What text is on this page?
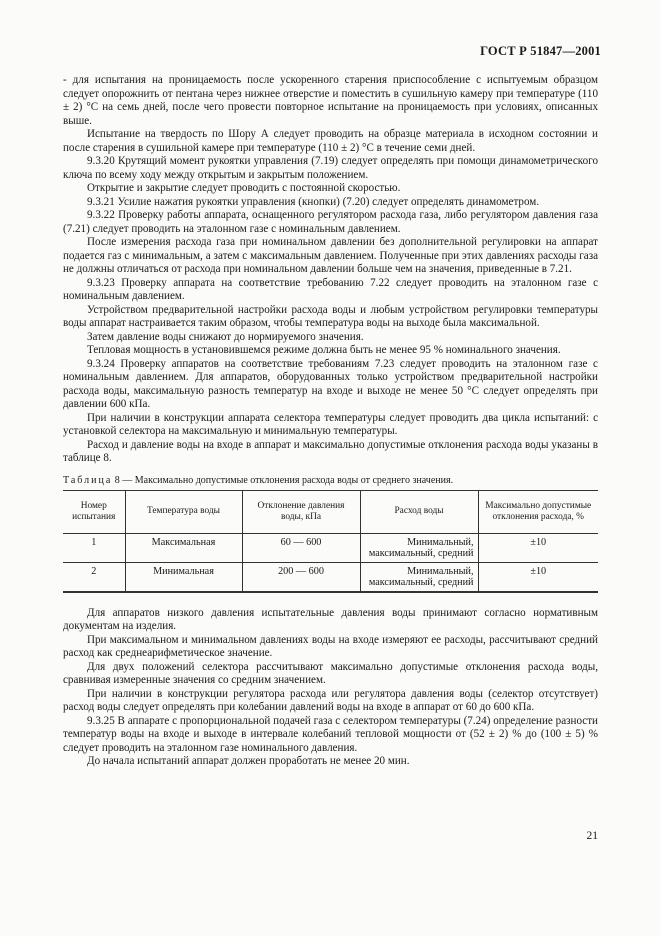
ГОСТ Р 51847—2001

- для испытания на проницаемость после ускоренного старения приспособление с испытуемым образцом следует опорожнить от пентана через нижнее отверстие и поместить в сушильную камеру при температуре (110 ± 2) °С на семь дней, после чего провести повторное испытание на проницаемость при условиях, описанных выше.

Испытание на твердость по Шору А следует проводить на образце материала в исходном состоянии и после старения в сушильной камере при температуре (110 ± 2) °С в течение семи дней.

9.3.20 Крутящий момент рукоятки управления (7.19) следует определять при помощи динамометрического ключа по всему ходу между открытым и закрытым положением.

Открытие и закрытие следует проводить с постоянной скоростью.

9.3.21 Усилие нажатия рукоятки управления (кнопки) (7.20) следует определять динамометром.

9.3.22 Проверку работы аппарата, оснащенного регулятором расхода газа, либо регулятором давления газа (7.21) следует проводить на эталонном газе с номинальным давлением.

После измерения расхода газа при номинальном давлении без дополнительной регулировки на аппарат подается газ с минимальным, а затем с максимальным давлением. Полученные при этих давлениях расходы газа не должны отличаться от расхода при номинальном давлении больше чем на значения, приведенные в 7.21.

9.3.23 Проверку аппарата на соответствие требованию 7.22 следует проводить на эталонном газе с номинальным давлением.

Устройством предварительной настройки расхода воды и любым устройством регулировки температуры воды аппарат настраивается таким образом, чтобы температура воды на выходе была максимальной.

Затем давление воды снижают до нормируемого значения.

Тепловая мощность в установившемся режиме должна быть не менее 95 % номинального значения.

9.3.24 Проверку аппаратов на соответствие требованиям 7.23 следует проводить на эталонном газе с номинальным давлением. Для аппаратов, оборудованных только устройством предварительной настройки расхода воды, максимальную разность температур на входе и выходе не менее 50 °С следует определять при давлении 600 кПа.

При наличии в конструкции аппарата селектора температуры следует проводить два цикла испытаний: с установкой селектора на максимальную и минимальную температуры.

Расход и давление воды на входе в аппарат и максимально допустимые отклонения расхода воды указаны в таблице 8.

Таблица 8 — Максимально допустимые отклонения расхода воды от среднего значения.
Номер испытания	Температура воды	Отклонение давления воды, кПа	Расход воды	Максимально допустимые отклонения расхода, %
1	Максимальная	60 — 600	Минимальный, максимальный, средний	±10
2	Минимальная	200 — 600	Минимальный, максимальный, средний	±10

Для аппаратов низкого давления испытательные давления воды принимают согласно нормативным документам на изделия.

При максимальном и минимальном давлениях воды на входе измеряют ее расходы, рассчитывают средний расход как среднеарифметическое значение.

Для двух положений селектора рассчитывают максимально допустимые отклонения расхода воды, сравнивая измеренные значения со средним значением.

При наличии в конструкции регулятора расхода или регулятора давления воды (селектор отсутствует) расход воды следует определять при колебании давлений воды на входе в аппарат от 60 до 600 кПа.

9.3.25 В аппарате с пропорциональной подачей газа с селектором температуры (7.24) определение разности температур воды на входе и выходе в интервале колебаний тепловой мощности от (52 ± 2) % до (100 ± 5) % следует проводить на эталонном газе номинального давления.

До начала испытаний аппарат должен проработать не менее 20 мин.

21
